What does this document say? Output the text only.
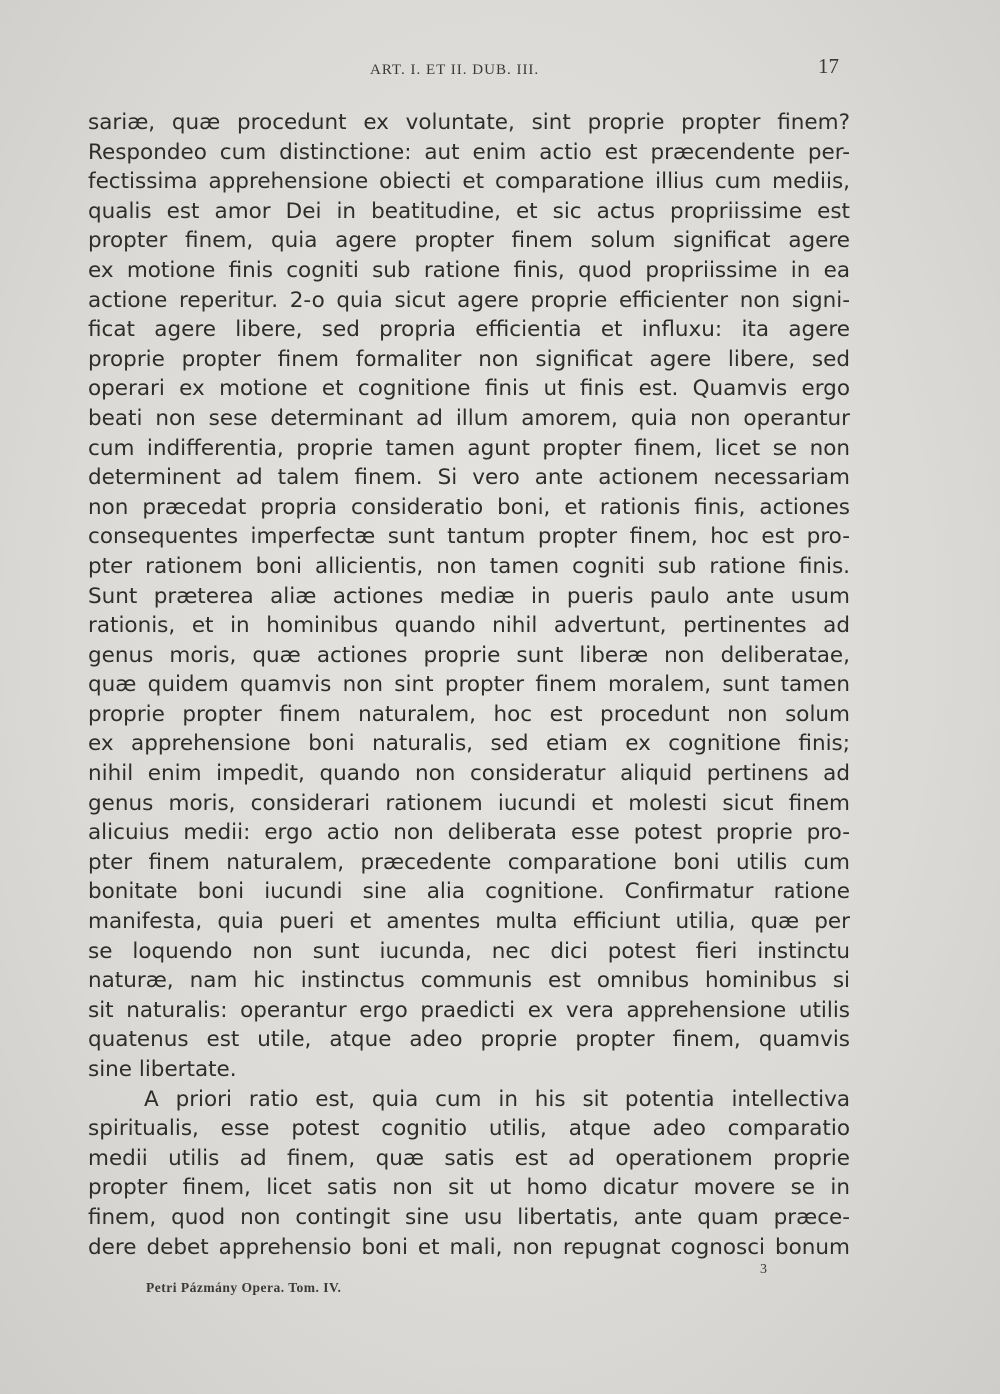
ART. I. ET II. DUB. III.	17
sariæ, quæ procedunt ex voluntate, sint proprie propter finem?
Respondeo cum distinctione: aut enim actio est præcendente per-
fectissima apprehensione obiecti et comparatione illius cum mediis,
qualis est amor Dei in beatitudine, et sic actus propriissime est
propter finem, quia agere propter finem solum significat agere
ex motione finis cogniti sub ratione finis, quod propriissime in ea
actione reperitur. 2-o quia sicut agere proprie efficienter non signi-
ficat agere libere, sed propria efficientia et influxu: ita agere
proprie propter finem formaliter non significat agere libere, sed
operari ex motione et cognitione finis ut finis est. Quamvis ergo
beati non sese determinant ad illum amorem, quia non operantur
cum indifferentia, proprie tamen agunt propter finem, licet se non
determinent ad talem finem. Si vero ante actionem necessariam
non præcedat propria consideratio boni, et rationis finis, actiones
consequentes imperfectæ sunt tantum propter finem, hoc est pro-
pter rationem boni allicientis, non tamen cogniti sub ratione finis.
Sunt præterea aliæ actiones mediæ in pueris paulo ante usum
rationis, et in hominibus quando nihil advertunt, pertinentes ad
genus moris, quæ actiones proprie sunt liberæ non deliberatae,
quæ quidem quamvis non sint propter finem moralem, sunt tamen
proprie propter finem naturalem, hoc est procedunt non solum
ex apprehensione boni naturalis, sed etiam ex cognitione finis;
nihil enim impedit, quando non consideratur aliquid pertinens ad
genus moris, considerari rationem iucundi et molesti sicut finem
alicuius medii: ergo actio non deliberata esse potest proprie pro-
pter finem naturalem, præcedente comparatione boni utilis cum
bonitate boni iucundi sine alia cognitione. Confirmatur ratione
manifesta, quia pueri et amentes multa efficiunt utilia, quæ per
se loquendo non sunt iucunda, nec dici potest fieri instinctu
naturæ, nam hic instinctus communis est omnibus hominibus si
sit naturalis: operantur ergo praedicti ex vera apprehensione utilis
quatenus est utile, atque adeo proprie propter finem, quamvis
sine libertate.
A priori ratio est, quia cum in his sit potentia intellectiva
spiritualis, esse potest cognitio utilis, atque adeo comparatio
medii utilis ad finem, quæ satis est ad operationem proprie
propter finem, licet satis non sit ut homo dicatur movere se in
finem, quod non contingit sine usu libertatis, ante quam præce-
dere debet apprehensio boni et mali, non repugnat cognosci bonum
Petri Pázmány Opera. Tom. IV.
3
